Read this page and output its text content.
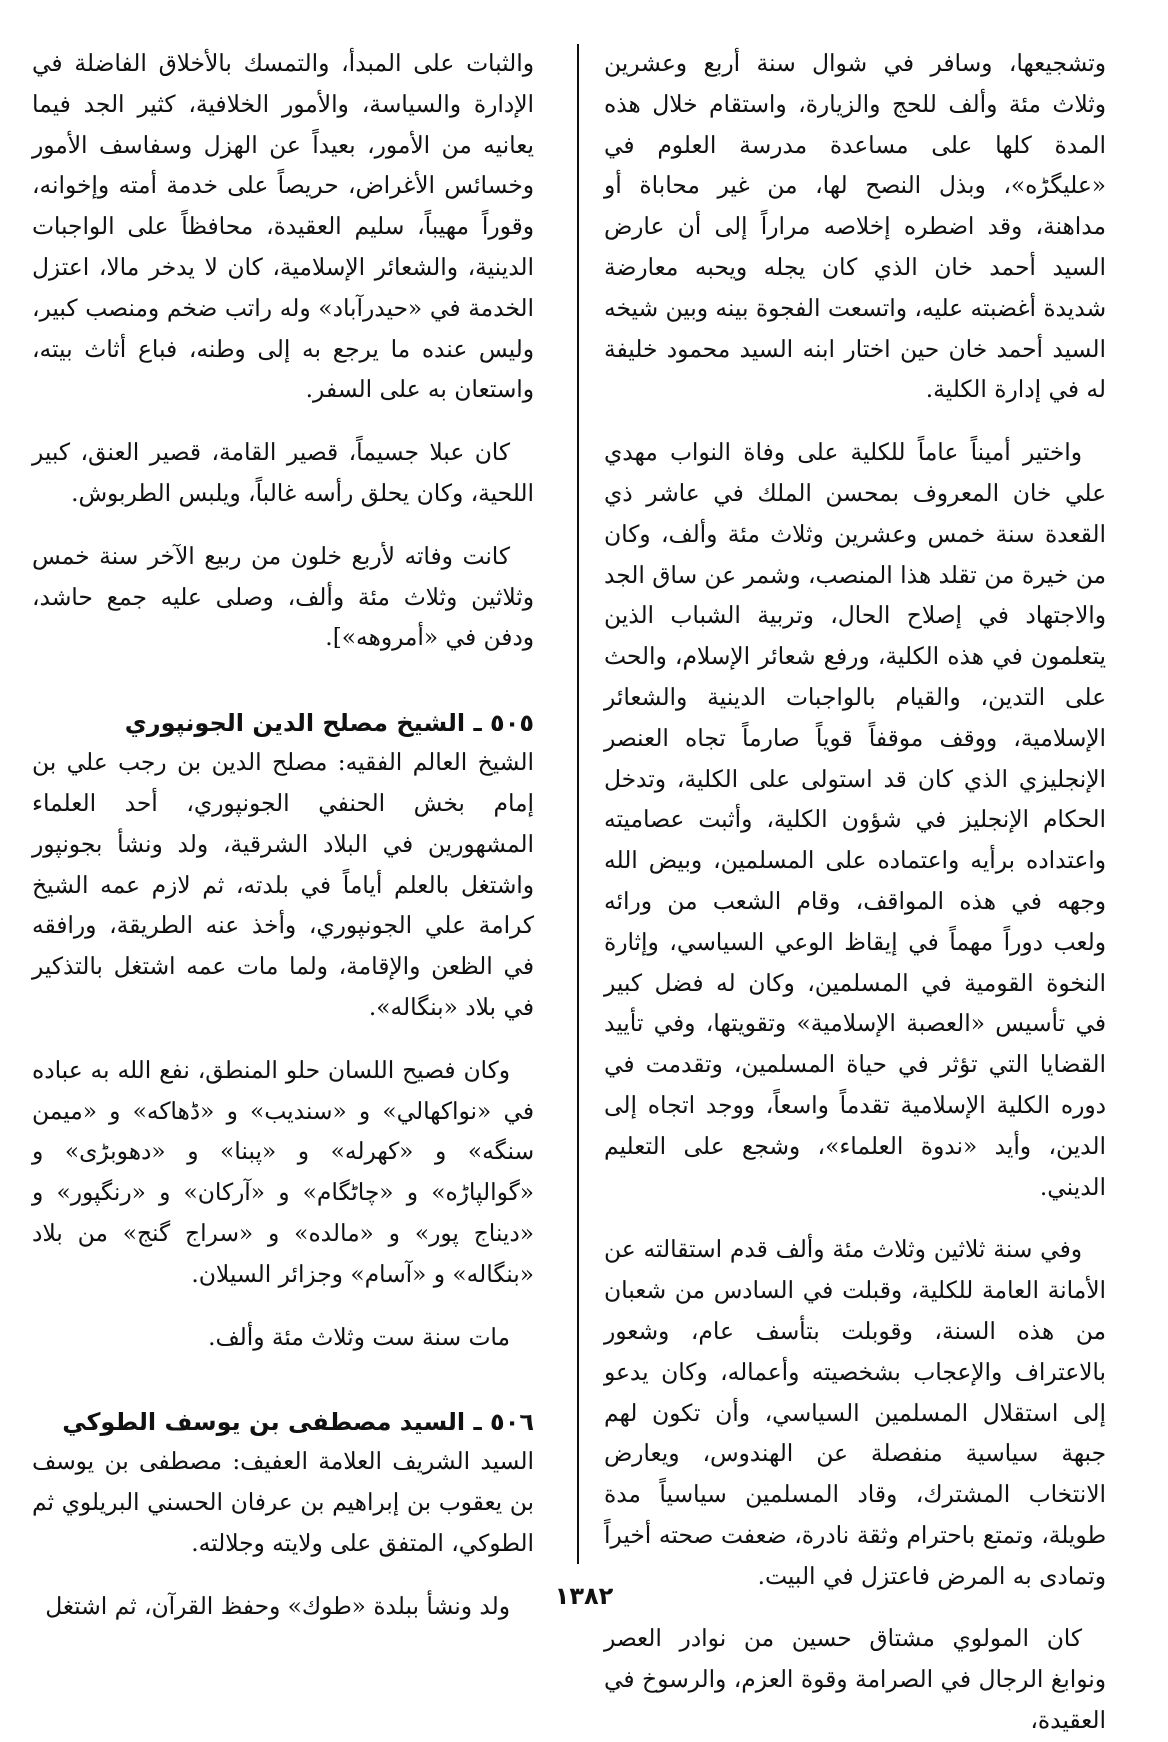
وتشجيعها، وسافر في شوال سنة أربع وعشرين وثلاث مئة وألف للحج والزيارة، واستقام خلال هذه المدة كلها على مساعدة مدرسة العلوم في «عليگڑه»، وبذل النصح لها، من غير محاباة أو مداهنة، وقد اضطره إخلاصه مراراً إلى أن عارض السيد أحمد خان الذي كان يجله ويحبه معارضة شديدة أغضبته عليه، واتسعت الفجوة بينه وبين شيخه السيد أحمد خان حين اختار ابنه السيد محمود خليفة له في إدارة الكلية.

واختير أميناً عاماً للكلية على وفاة النواب مهدي علي خان المعروف بمحسن الملك في عاشر ذي القعدة سنة خمس وعشرين وثلاث مئة وألف، وكان من خيرة من تقلد هذا المنصب، وشمر عن ساق الجد والاجتهاد في إصلاح الحال، وتربية الشباب الذين يتعلمون في هذه الكلية، ورفع شعائر الإسلام، والحث على التدين، والقيام بالواجبات الدينية والشعائر الإسلامية، ووقف موقفاً قوياً صارماً تجاه العنصر الإنجليزي الذي كان قد استولى على الكلية، وتدخل الحكام الإنجليز في شؤون الكلية، وأثبت عصاميته واعتداده برأيه واعتماده على المسلمين، وبيض الله وجهه في هذه المواقف، وقام الشعب من ورائه ولعب دوراً مهماً في إيقاظ الوعي السياسي، وإثارة النخوة القومية في المسلمين، وكان له فضل كبير في تأسيس «العصبة الإسلامية» وتقويتها، وفي تأييد القضايا التي تؤثر في حياة المسلمين، وتقدمت في دوره الكلية الإسلامية تقدماً واسعاً، ووجد اتجاه إلى الدين، وأيد «ندوة العلماء»، وشجع على التعليم الديني.

وفي سنة ثلاثين وثلاث مئة وألف قدم استقالته عن الأمانة العامة للكلية، وقبلت في السادس من شعبان من هذه السنة، وقوبلت بتأسف عام، وشعور بالاعتراف والإعجاب بشخصيته وأعماله، وكان يدعو إلى استقلال المسلمين السياسي، وأن تكون لهم جبهة سياسية منفصلة عن الهندوس، ويعارض الانتخاب المشترك، وقاد المسلمين سياسياً مدة طويلة، وتمتع باحترام وثقة نادرة، ضعفت صحته أخيراً وتمادى به المرض فاعتزل في البيت.

كان المولوي مشتاق حسين من نوادر العصر ونوابغ الرجال في الصرامة وقوة العزم، والرسوخ في العقيدة،

والثبات على المبدأ، والتمسك بالأخلاق الفاضلة في الإدارة والسياسة، والأمور الخلافية، كثير الجد فيما يعانيه من الأمور، بعيداً عن الهزل وسفاسف الأمور وخسائس الأغراض، حريصاً على خدمة أمته وإخوانه، وقوراً مهيباً، سليم العقيدة، محافظاً على الواجبات الدينية، والشعائر الإسلامية، كان لا يدخر مالا، اعتزل الخدمة في «حيدرآباد» وله راتب ضخم ومنصب كبير، وليس عنده ما يرجع به إلى وطنه، فباع أثاث بيته، واستعان به على السفر.

كان عبلا جسيماً، قصير القامة، قصير العنق، كبير اللحية، وكان يحلق رأسه غالباً، ويلبس الطربوش.

كانت وفاته لأربع خلون من ربيع الآخر سنة خمس وثلاثين وثلاث مئة وألف، وصلى عليه جمع حاشد، ودفن في «أمروهه»].

٥٠٥ ـ الشيخ مصلح الدين الجونپوري

الشيخ العالم الفقيه: مصلح الدين بن رجب علي بن إمام بخش الحنفي الجونپوري، أحد العلماء المشهورين في البلاد الشرقية، ولد ونشأ بجونپور واشتغل بالعلم أياماً في بلدته، ثم لازم عمه الشيخ كرامة علي الجونپوري، وأخذ عنه الطريقة، ورافقه في الظعن والإقامة، ولما مات عمه اشتغل بالتذكير في بلاد «بنگاله».

وكان فصيح اللسان حلو المنطق، نفع الله به عباده في «نواكهالي» و «سنديب» و «ڈهاكه» و «ميمن سنگه» و «كهرله» و «پبنا» و «دهوبڑى» و «گوالپاڑه» و «چاٹگام» و «آركان» و «رنگپور» و «ديناج پور» و «مالده» و «سراج گنج» من بلاد «بنگاله» و «آسام» وجزائر السيلان.

مات سنة ست وثلاث مئة وألف.

٥٠٦ ـ السيد مصطفى بن يوسف الطوكي

السيد الشريف العلامة العفيف: مصطفى بن يوسف بن يعقوب بن إبراهيم بن عرفان الحسني البريلوي ثم الطوكي، المتفق على ولايته وجلالته.

ولد ونشأ ببلدة «طوك» وحفظ القرآن، ثم اشتغل	١٣٨٢
